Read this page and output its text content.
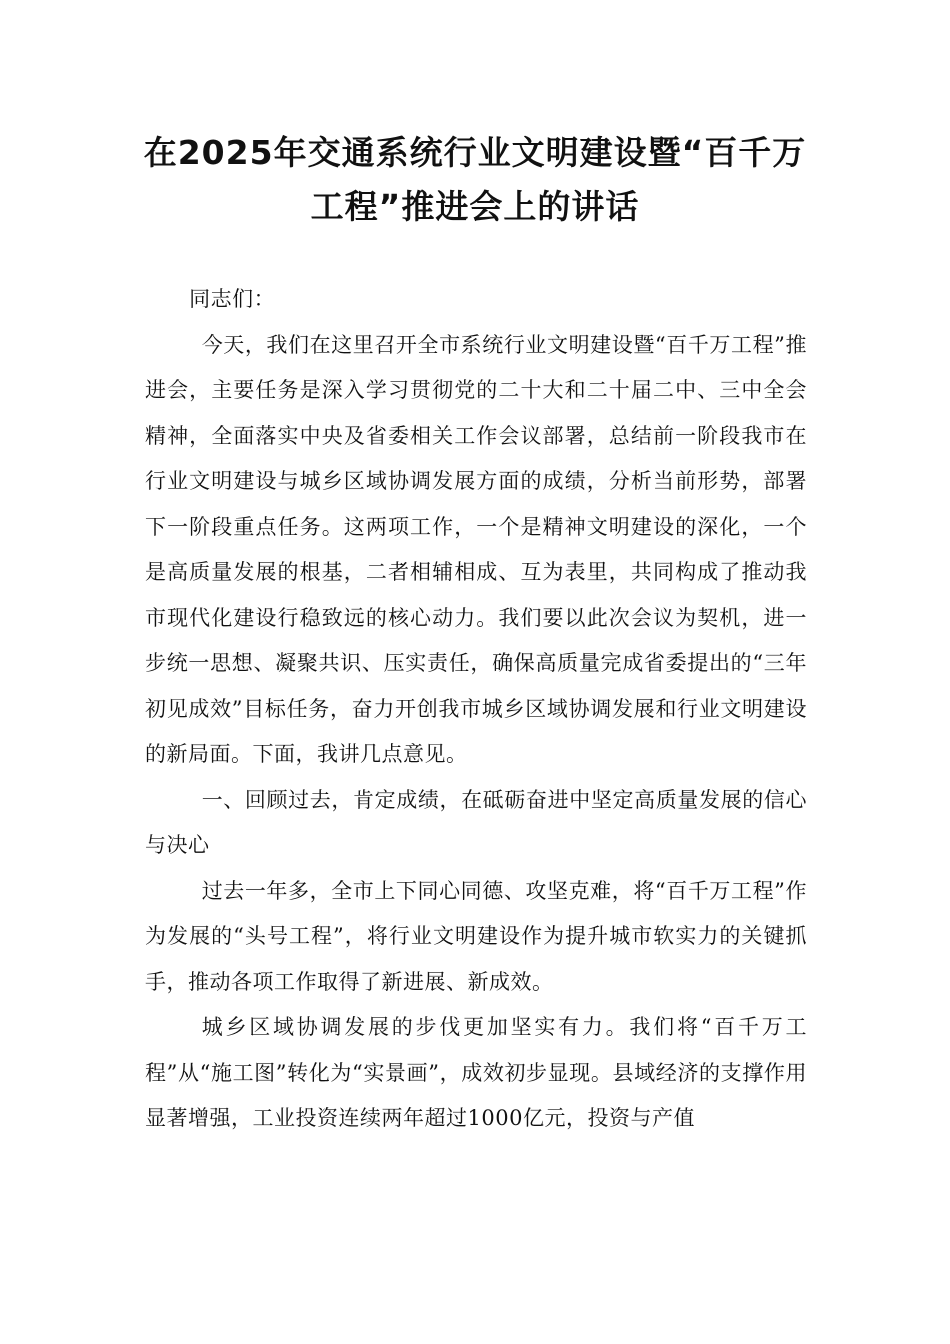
在2025年交通系统行业文明建设暨“百千万工程”推进会上的讲话

同志们：

今天，我们在这里召开全市系统行业文明建设暨“百千万工程”推进会，主要任务是深入学习贯彻党的二十大和二十届二中、三中全会精神，全面落实中央及省委相关工作会议部署，总结前一阶段我市在行业文明建设与城乡区域协调发展方面的成绩，分析当前形势，部署下一阶段重点任务。这两项工作，一个是精神文明建设的深化，一个是高质量发展的根基，二者相辅相成、互为表里，共同构成了推动我市现代化建设行稳致远的核心动力。我们要以此次会议为契机，进一步统一思想、凝聚共识、压实责任，确保高质量完成省委提出的“三年初见成效”目标任务，奋力开创我市城乡区域协调发展和行业文明建设的新局面。下面，我讲几点意见。

一、回顾过去，肯定成绩，在砥砺奋进中坚定高质量发展的信心与决心

过去一年多，全市上下同心同德、攻坚克难，将“百千万工程”作为发展的“头号工程”，将行业文明建设作为提升城市软实力的关键抓手，推动各项工作取得了新进展、新成效。

城乡区域协调发展的步伐更加坚实有力。我们将“百千万工程”从“施工图”转化为“实景画”，成效初步显现。县域经济的支撑作用显著增强，工业投资连续两年超过1000亿元，投资与产值
